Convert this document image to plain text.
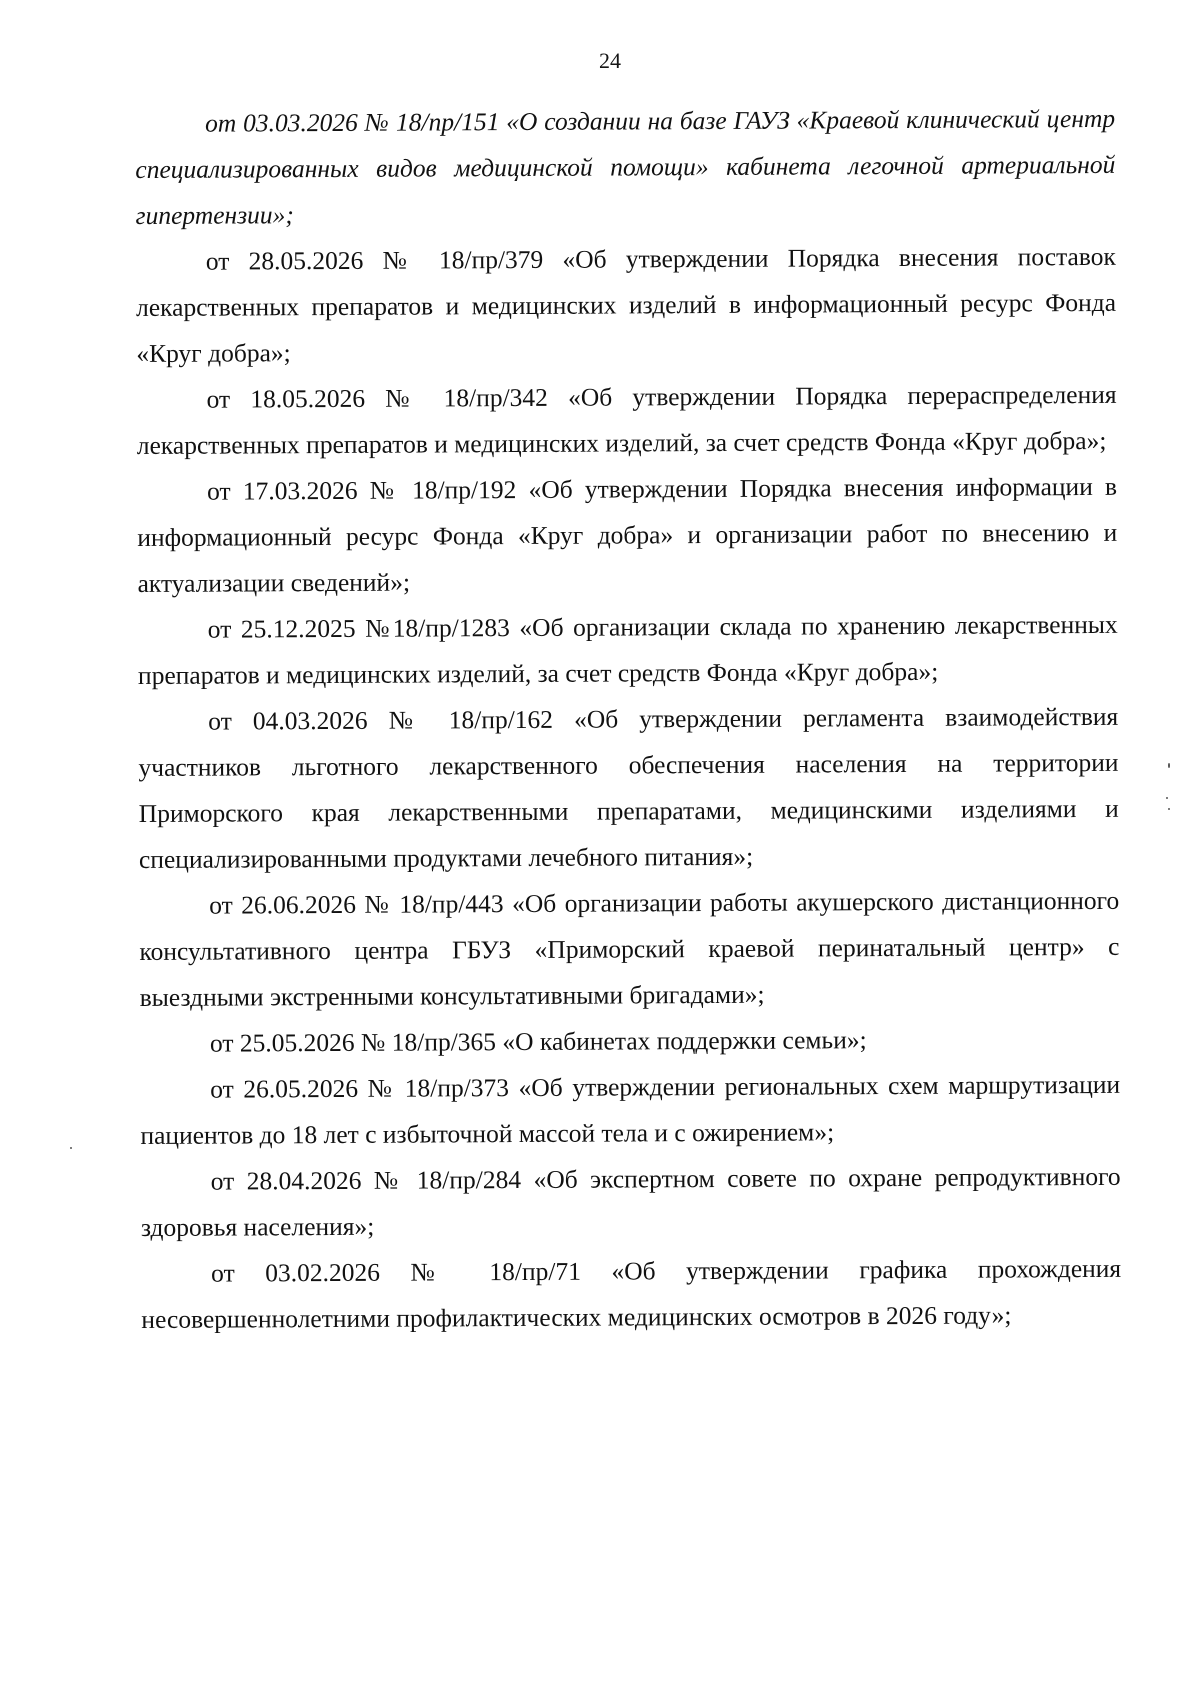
24

от 03.03.2026 № 18/пр/151 «О создании на базе ГАУЗ «Краевой клинический центр специализированных видов медицинской помощи» кабинета легочной артериальной гипертензии»;

от 28.05.2026 № 18/пр/379 «Об утверждении Порядка внесения поставок лекарственных препаратов и медицинских изделий в информационный ресурс Фонда «Круг добра»;

от 18.05.2026 № 18/пр/342 «Об утверждении Порядка перераспределения лекарственных препаратов и медицинских изделий, за счет средств Фонда «Круг добра»;

от 17.03.2026 № 18/пр/192 «Об утверждении Порядка внесения информации в информационный ресурс Фонда «Круг добра» и организации работ по внесению и актуализации сведений»;

от 25.12.2025 №18/пр/1283 «Об организации склада по хранению лекарственных препаратов и медицинских изделий, за счет средств Фонда «Круг добра»;

от 04.03.2026 № 18/пр/162 «Об утверждении регламента взаимодействия участников льготного лекарственного обеспечения населения на территории Приморского края лекарственными препаратами, медицинскими изделиями и специализированными продуктами лечебного питания»;

от 26.06.2026 № 18/пр/443 «Об организации работы акушерского дистанционного консультативного центра ГБУЗ «Приморский краевой перинатальный центр» с выездными экстренными консультативными бригадами»;

от 25.05.2026 № 18/пр/365 «О кабинетах поддержки семьи»;

от 26.05.2026 № 18/пр/373 «Об утверждении региональных схем маршрутизации пациентов до 18 лет с избыточной массой тела и с ожирением»;

от 28.04.2026 № 18/пр/284 «Об экспертном совете по охране репродуктивного здоровья населения»;

от 03.02.2026 № 18/пр/71 «Об утверждении графика прохождения несовершеннолетними профилактических медицинских осмотров в 2026 году»;
